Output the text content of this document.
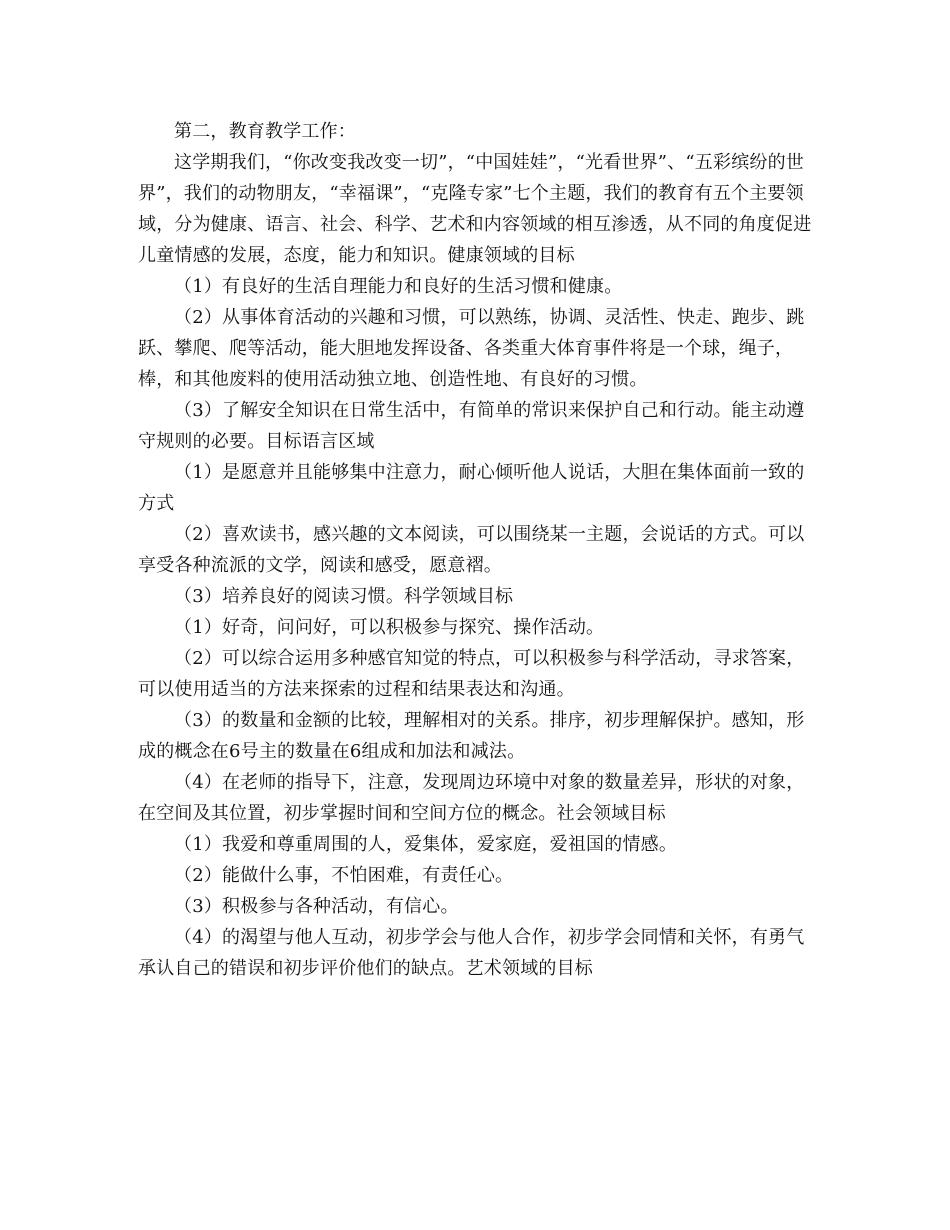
第二，教育教学工作：

这学期我们，“你改变我改变一切”，“中国娃娃”，“光看世界”、“五彩缤纷的世界”，我们的动物朋友，“幸福课”，“克隆专家”七个主题，我们的教育有五个主要领域，分为健康、语言、社会、科学、艺术和内容领域的相互渗透，从不同的角度促进儿童情感的发展，态度，能力和知识。健康领域的目标

（1）有良好的生活自理能力和良好的生活习惯和健康。

（2）从事体育活动的兴趣和习惯，可以熟练，协调、灵活性、快走、跑步、跳跃、攀爬、爬等活动，能大胆地发挥设备、各类重大体育事件将是一个球，绳子，棒，和其他废料的使用活动独立地、创造性地、有良好的习惯。

（3）了解安全知识在日常生活中，有简单的常识来保护自己和行动。能主动遵守规则的必要。目标语言区域

（1）是愿意并且能够集中注意力，耐心倾听他人说话，大胆在集体面前一致的方式

（2）喜欢读书，感兴趣的文本阅读，可以围绕某一主题，会说话的方式。可以享受各种流派的文学，阅读和感受，愿意褶。

（3）培养良好的阅读习惯。科学领域目标

（1）好奇，问问好，可以积极参与探究、操作活动。

（2）可以综合运用多种感官知觉的特点，可以积极参与科学活动，寻求答案，可以使用适当的方法来探索的过程和结果表达和沟通。

（3）的数量和金额的比较，理解相对的关系。排序，初步理解保护。感知，形成的概念在6号主的数量在6组成和加法和减法。

（4）在老师的指导下，注意，发现周边环境中对象的数量差异，形状的对象，在空间及其位置，初步掌握时间和空间方位的概念。社会领域目标

（1）我爱和尊重周围的人，爱集体，爱家庭，爱祖国的情感。

（2）能做什么事，不怕困难，有责任心。

（3）积极参与各种活动，有信心。

（4）的渴望与他人互动，初步学会与他人合作，初步学会同情和关怀，有勇气承认自己的错误和初步评价他们的缺点。艺术领域的目标
